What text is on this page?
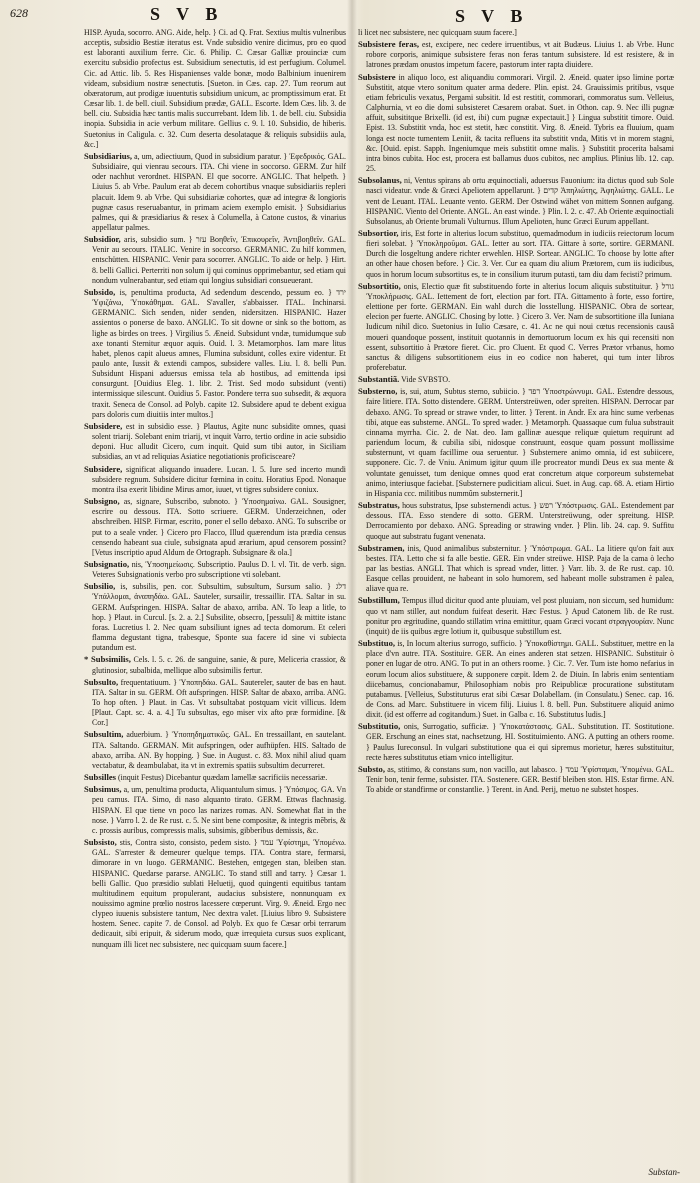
628	S V B	S V B

HISP. Ayuda, socorro. ANG. Aide, help. } Ci. ad Q. Frat. Sextius multis vulneribus acceptis, subsidio Bestiæ iteratus est. Vnde subsidio venire dicimus, pro eo quod est laboranti auxilium ferre. Cic. 6. Philip. C. Cæsar Galliæ prouinciæ cum exercitu subsidio profectus est. Subsidium senectutis, id est perfugium. Columel. Cic. ad Attic. lib. 5. Res Hispanienses valde bonæ, modo Balbinium inuenirem videam, subsidium nostræ senectutis. [Sueton. in Cæs. cap. 27. Tum reorum aut obæratorum, aut prodigæ iuuentutis subsidium unicum, ac promptissimum erat. Et Cæsar lib. 1. de bell. ciuil. Subsidium prædæ, GALL. Escorte. Idem Cæs. lib. 3. de bell. ciu. Subsidia hæc tantis malis succurrebant. Idem lib. 1. de bell. ciu. Subsidia inopia. Subsidia in acie verbum militare. Gellius c. 9. l. 10. Subsidio, de hiberis. Suetonius in Caligula. c. 32. Cum deserta desolataque & reliquis subsidiis aula, &c.]

Subsidiarius, a, um, adiectiuum, Quod in subsidium paratur. } Ἐφεδρικός. GAL. Subsidiaire, qui vienrau secours. ITA. Chi viene in soccorso. GERM. Zur hilf oder nachhut verordnet. HISPAN. El que socorre. ANGLIC. That helpeth. } Liuius 5. ab Vrbe. Paulum erat ab decem cohortibus vnaque subsidiariis repleri placuit. Idem 9. ab Vrbe. Qui subsidiariæ cohortes, quæ ad integræ & longioris pugnæ casus reseruabantur, in primam aciem exemplo emisit. } Subsidiarius palmes, qui & præsidiarius & resex à Columella, à Catone custos, & vinarius appellatur palmes.

Subsidior, aris, subsidio sum. } עזר Βοηθεῖν, Ἐπικουρεῖν, Ἀντιβοηθεῖν. GAL. Venir au secours. ITALIC. Venire in soccorso. GERMANIC. Zu hilf kommen, entschütten. HISPANIC. Venir para socorrer. ANGLIC. To aide or help. } Hirt. 8. belli Gallici. Perterriti non solum ij qui cominus opprimebantur, sed etiam qui nondum vulnerabantur, sed etiam qui longius subsidiari consueuerant.

Subsido, is, penultima producta, Ad sedendum descendo, pessum eo. } ירד Ὑφιζάνω, Ὑποκάθημαι. GAL. S'avaller, s'abbaisser. ITAL. Inchinarsi. GERMANIC. Sich senden, nider senden, nidersitzen. HISPANIC. Hazer assientos o ponerse de baxo. ANGLIC. To sit downe or sink so the bottom, as lighe as birdes on trees. } Virgilius 5. Æneid. Subsidunt vndæ, tumidumque sub axe tonanti Sternitur æquor aquis. Ouid. l. 3. Metamorphos. Iam mare litus habet, plenos capit alueus amnes, Flumina subsidunt, colles exire videntur. Et paulo ante, Iussit & extendi campos, subsidere valles. Liu. l. 8. belli Pun. Subsidunt Hispani aduersus emissa tela ab hostibus, ad emittenda ipsi consurgunt. [Ouidius Eleg. 1. libr. 2. Trist. Sed modo subsidunt (venti) intermissique silescunt. Ouidius 5. Fastor. Pondere terra suo subsedit, & æquora traxit. Seneca de Consol. ad Polyb. capite 12. Subsidere apud te debent exigua pars doloris cum diuitiis inter multos.]

Subsidere, est in subsidio esse. } Plautus, Agite nunc subsidite omnes, quasi solent triarij. Solebant enim triarij, vt inquit Varro, tertio ordine in acie subsidio deponi. Huc alludit Cicero, cum inquit. Quid sum tibi autor, in Siciliam subsidias, an vt ad reliquias Asiatice negotiationis proficisceare?

Subsidere, significat aliquando inuadere. Lucan. l. 5. Iure sed incerto mundi subsidere regnum. Subsidere dicitur fœmina in coitu. Horatius Epod. Nonaque montra ilsa exerit libidine Mirus amor, iuuet, vt tigres subsidere coniux.

Subsigno, as, signare, Subscribo, subnoto. } Ὑποσημαίνω. GAL. Sousigner, escrire ou dessous. ITA. Sotto scriuere. GERM. Underzeichnen, oder abschreiben. HISP. Firmar, escrito, poner el sello debaxo. ANG. To subscribe or put to a seale vnder. } Cicero pro Flacco, Illud quærendum ista prædia census censendo habeant sua ciule, subsignata apud ærarium, apud censorem possint? [Vetus inscriptio apud Aldum de Ortograph. Subsignare & ola.]

Subsignatio, nis, Ὑποσημείωσις. Subscriptio. Paulus D. l. vl. Tit. de verb. sign. Veteres Subsignationis verbo pro subscriptione vti solebant.

Subsilio, is, subsilis, pen. cor. Subsultim, subsultum, Sursum salio. } דלג Ὑπάλλομαι, ἀναπηδάω. GAL. Sauteler, sursailir, tressaillir. ITA. Saltar in su. GERM. Aufspringen. HISPA. Saltar de abaxo, arriba. AN. To leap a litle, to hop. } Plaut. in Curcul. [s. 2. a. 2.] Subsilite, obsecro, [pessuli] & mittite istanc foras. Lucretius l. 2. Nec quam subsiliunt ignes ad tecta domorum. Et celeri flamma degustant tigna, trabesque, Sponte sua facere id sine vi subiecta putandum est.

* Subsimilis, Cels. l. 5. c. 26. de sanguine, sanie, & pure, Meliceria crassior, & glutinosior, subalbida, mellique albo subsimilis fertur.

Subsulto, frequentatiuum. } Ὑποπηδάω. GAL. Sautereler, sauter de bas en haut. ITA. Saltar in su. GERM. Oft aufspringen. HISP. Saltar de abaxo, arriba. ANG. To hop often. } Plaut. in Cas. Vt subsultabat postquam vicit villicus. Idem [Plaut. Capt. sc. 4. a. 4.] Tu subsultas, ego miser vix afto præ formidine. [& Cor.]

Subsultim, aduerbium. } Ὑποπηδηματικῶς. GAL. En tressaillant, en sautelant. ITA. Saltando. GERMAN. Mit aufspringen, oder aufhüpfen. HIS. Saltado de abaxo, arriba. AN. By hopping. } Sue. in August. c. 83. Mox nihil aliud quam vectabatur, & deambulabat, ita vt in extremis spatiis subsultim decurreret.

Subsilles (inquit Festus) Dicebantur quædam lamellæ sacrificiis necessariæ.

Subsimus, a, um, penultima producta, Aliquantulum simus. } Ὑπόσιμος. GA. Vn peu camus. ITA. Simo, di naso alquanto tirato. GERM. Ettwas flachnasig. HISPAN. El que tiene vn poco las narizes romas. AN. Somewhat flat in the nose. } Varro l. 2. de Re rust. c. 5. Ne sint bene compositæ, & integris mēbris, & c. prossis auribus, compressis malis, subsimis, gibberibus demissis, &c.

Subsisto, stis, Contra sisto, consisto, pedem sisto. } עמד Ὑφίστημι, Ὑπομένω. GAL. S'arrester & demeurer quelque temps. ITA. Contra stare, fermarsi, dimorare in vn luogo. GERMANIC. Bestehen, entgegen stan, bleiben stan. HISPANIC. Quedarse pararse. ANGLIC. To stand still and tarry. } Cæsar 1. belli Gallic. Quo præsidio sublati Heluetij, quod quingenti equitibus tantam multitudinem equitum propulerant, audacius subsistere, nonnunquam ex nouissimo agmine prœlio nostros lacessere cœperunt. Virg. 9. Æneid. Ergo nec clypeo iuuenis subsistere tantum, Nec dextra valet. [Liuius libro 9. Subsistere hostem. Senec. capite 7. de Consol. ad Polyb. Ex quo fe Cæsar orbi terrarum dedicauit, sibi eripuit, & siderum modo, quæ irrequieta cursus suos explicant, nunquam illi licet nec subsistere, nec quicquam suum facere.]

li licet nec subsistere, nec quicquam suum facere.]

Subsistere feras, est, excipere, nec cedere irruentibus, vt ait Budæus. Liuius 1. ab Vrbe. Hunc robore corporis, animique subsistere feras non feras tantum subsistere. Id est resistere, & in latrones prædam onustos impetum facere, pastorum inter rapta diuidere.

Subsistere in aliquo loco, est aliquandiu commorari. Virgil. 2. Æneid. quater ipso limine portæ Substitit, atque vtero sonitum quater arma dedere. Plin. epist. 24. Grauissimis pritibus, vsque etiam febriculis vexatus, Pergami subsitit. Id est restitit, commorari, commoratus sum. Velleius, Calphurnia, vt eo die domi subsisteret Cæsarem orabat. Suet. in Othon. cap. 9. Nec illi pugnæ affuit, subsititque Brixelli. (id est, ibi) cum pugnæ expectauit.] } Lingua substitit timore. Ouid. Epist. 13. Substitit vnda, hoc est stetit, hæc constitit. Virg. 8. Æneid. Tybris ea fluuium, quam longa est nocte tumentem Leniit, & tacita refluens ita substitit vnda, Mitis vt in morem stagni, &c. [Ouid. epist. Sapph. Ingeniumque meis substitit omne malis. } Substitit procerita balsami intra binos cubita. Hoc est, procera est ballamus duos cubitos, nec amplius. Plinius lib. 12. cap. 25.

Subsolanus, ni, Ventus spirans ab ortu æquinoctiali, aduersus Fauonium: ita dictus quod sub Sole nasci videatur. vnde & Græci Apeliotem appellarunt. } קדים Ἀπηλιώτης, Ἀφηλιώτης. GALL. Le vent de Leuant. ITAL. Leuante vento. GERM. Der Ostwind wähet von mittem Sonnen aufgang. HISPANIC. Viento del Oriente. ANGL. An east winde. } Plin. l. 2. c. 47. Ab Oriente æquinoctiali Subsolanus, ab Oriente brumali Vulturnus. Illum Apelioten, hunc Græci Eurum appellant.

Subsortior, iris, Est forte in alterius locum substituo, quemadmodum in iudiciis reiectorum locum fieri solebat. } Ὑποκληροῦμαι. GAL. Ietter au sort. ITA. Gittare à sorte, sortire. GERMANI. Durch die losgeltung andere richter erwehlen. HISP. Sortear. ANGLIC. To choose by lotte after an other haue chosen before. } Cic. 3. Ver. Cur ea quam diu alium Prætorem, cum iis iudicibus, quos in horum locum subsortitus es, te in consilium iturum putasti, tam diu dam fecisti? primum.

Subsortitio, onis, Electio quæ fit substituendo forte in alterius locum aliquis substituitur. } גורל Ὑποκλήρωσις. GAL. Iettement de fort, election par fort. ITA. Gittamento à forte, esso fortire, elettione per forte. GERMAN. Ein wahl durch die losstellung. HISPANIC. Obra de sortear, elecion per fuerte. ANGLIC. Chosing by lotte. } Cicero 3. Ver. Nam de subsortitione illa Iuniana Iudicum nihil dico. Suetonius in Iulio Cæsare, c. 41. Ac ne qui noui cœtus recensionis causâ moueri quandoque possent, instituit quotannis in demortuorum locum ex his qui recensiti non essent, subsortitio à Prætore fieret. Cic. pro Cluent. Et quod C. Verres Prætor vrbanus, homo sanctus & diligens subsortitionem eius in eo codice non haberet, qui tum inter libros proferebatur.

Substantiã. Vide SVBSTO.

Substerno, is, sui, atum, Subtus sterno, subiicio. } רפד Ὑποστρώννυμι. GAL. Estendre dessous, faire litiere. ITA. Sotto distendere. GERM. Unterstreüwen, oder spreiten. HISPAN. Derrocar par debaxo. ANG. To spread or strawe vnder, to litter. } Terent. in Andr. Ex ara hinc sume verbenas tibi, atque eas substerne. ANGL. To spred wader. } Metamorph. Quassaque cum fulua substrauit cinnama myrrha. Cic. 2. de Nat. deo. Iam gallinæ auesque reliquæ quietum requirunt ad pariendum locum, & cubilia sibi, nidosque construunt, eosque quam possunt mollissime substernunt, vt quam facillime oua seruentur. } Substernere animo omnia, id est subiicere, supponere. Cic. 7. de Vniu. Animum igitur quum ille procreator mundi Deus ex sua mente & voluntate genuisset, tum denique omnes quod erat concretum atque corporeum substernebat animo, interiusque faciebat. [Substernere pudicitiam alicui. Suet. in Aug. cap. 68. A. etiam Hirtio in Hispania ccc. militibus nummûm substernerit.]

Substratus, hous substratus, Ipse substernendi actus. } רפש Ὑπόστρωσις. GAL. Estendement par dessous. ITA. Esso stendere di sotto. GERM. Unterstreüwung, oder spreitung. HISP. Derrocamiento por debaxo. ANG. Spreading or strawing vnder. } Plin. lib. 24. cap. 9. Suffitu quoque aut substratu fugant venenata.

Substramen, inis, Quod animalibus substernitur. } Ὑπόστρωμα. GAL. La litiere qu'on fait aux bestes. ITA. Letto che si fa alle bestie. GER. Ein vnder streüwe. HISP. Paja de la cama ò lecho par las bestias. ANGLI. That which is spread vnder, litter. } Varr. lib. 3. de Re rust. cap. 10. Easque cellas prouident, ne habeant in solo humorem, sed habeant molle substramen è palea, aliave qua re.

Substillum, Tempus illud dicitur quod ante pluuiam, vel post pluuiam, non siccum, sed humidum: quo vt nam stiller, aut nondum fuifeat deserit. Hæc Festus. } Apud Catonem lib. de Re rust. ponitur pro ægritudine, quando stillatim vrina emittitur, quam Græci vocant στραγγουρίαν. Nunc (inquit) de iis quibus ægre lotium it, quibusque substillum est.

Substituo, is, In locum alterius surrogo, sufficio. } Ὑποκαθίστημι. GALL. Substituer, mettre en la place d'vn autre. ITA. Sostituire. GER. An eines anderen stat setzen. HISPANIC. Substituir ò poner en lugar de otro. ANG. To put in an others roome. } Cic. 7. Ver. Tum iste homo nefarius in eorum locum alios substituere, & supponere cœpit. Idem 2. de Diuin. In labris enim sententiam diicebamus, concionabamur, Philosophiam nobis pro Reipublicæ procuratione substitutam putabamus. [Velleius, Substituturus erat sibi Cæsar Dolabellam. (in Consulatu.) Senec. cap. 16. de Cons. ad Marc. Substituere in vicem filij. Liuius l. 8. bell. Pun. Substituere aliquid animo dixit. (id est offerre ad cogitandum.) Suet. in Galba c. 16. Substitutus ludis.]

Substitutio, onis, Surrogatio, sufficiæ. } Ὑποκατάστασις. GAL. Substitution. IT. Sostitutione. GER. Erschung an eines stat, nachsetzung. HI. Sostituimiento. ANG. A putting an others roome. } Paulus Iureconsul. In vulgari substitutione qua ei qui sipremus morietur, hæres substituitur, recte hæres substitutus etiam vnico intelligitur.

Substo, as, stitimo, & constans sum, non vacillo, aut labasco. } עמד Ὑφίσταμαι, Ὑπομένω. GAL. Tenir bon, tenir ferme, subsister. ITA. Sostenere. GER. Bestif bleiben ston. HIS. Estar firme. AN. To abide or standfirme or constantlie. } Terent. in And. Perij, metuo ne substet hospes.

Substan-
